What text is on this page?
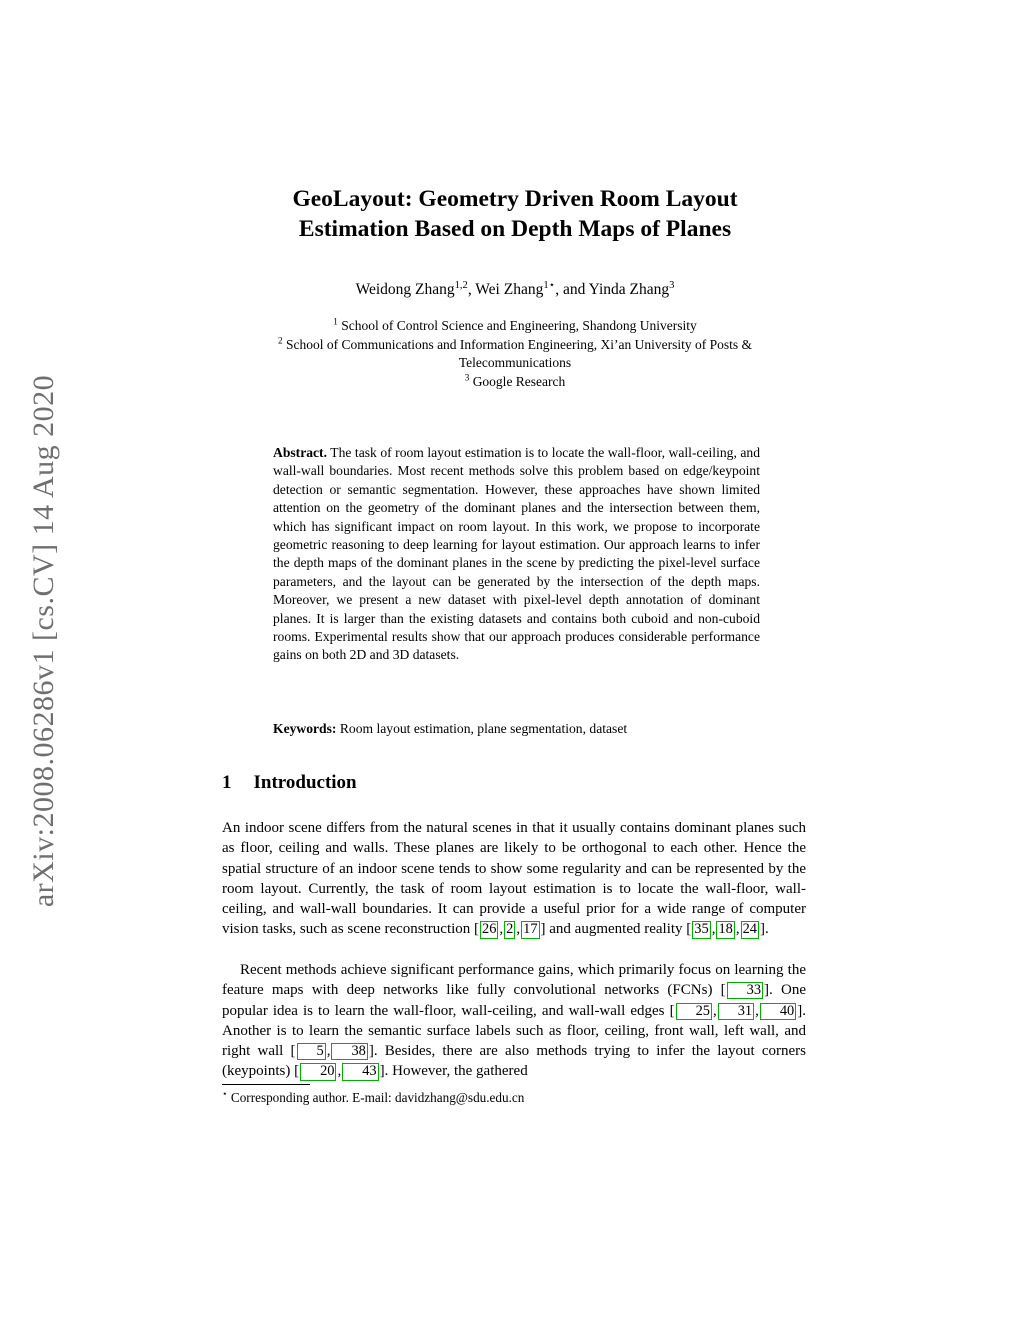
arXiv:2008.06286v1 [cs.CV] 14 Aug 2020
GeoLayout: Geometry Driven Room Layout
Estimation Based on Depth Maps of Planes
Weidong Zhang$^{1,2}$, Wei Zhang$^{1⋆}$, and Yinda Zhang$^3$
$^1$ School of Control Science and Engineering, Shandong University
$^2$ School of Communications and Information Engineering, Xi’an University of Posts & Telecommunications
$^3$ Google Research

Abstract. The task of room layout estimation is to locate the wall-floor, wall-ceiling, and wall-wall boundaries. Most recent methods solve this problem based on edge/keypoint detection or semantic segmentation. However, these approaches have shown limited attention on the geometry of the dominant planes and the intersection between them, which has significant impact on room layout. In this work, we propose to incorporate geometric reasoning to deep learning for layout estimation. Our approach learns to infer the depth maps of the dominant planes in the scene by predicting the pixel-level surface parameters, and the layout can be generated by the intersection of the depth maps. Moreover, we present a new dataset with pixel-level depth annotation of dominant planes. It is larger than the existing datasets and contains both cuboid and non-cuboid rooms. Experimental results show that our approach produces considerable performance gains on both 2D and 3D datasets.

Keywords: Room layout estimation, plane segmentation, dataset

1 Introduction

An indoor scene differs from the natural scenes in that it usually contains dominant planes such as floor, ceiling and walls. These planes are likely to be orthogonal to each other. Hence the spatial structure of an indoor scene tends to show some regularity and can be represented by the room layout. Currently, the task of room layout estimation is to locate the wall-floor, wall-ceiling, and wall-wall boundaries. It can provide a useful prior for a wide range of computer vision tasks, such as scene reconstruction [ 26 , 2 , 17 ] and augmented reality [ 35 , 18 , 24 ].

Recent methods achieve significant performance gains, which primarily focus on learning the feature maps with deep networks like fully convolutional networks (FCNs) [ 33 ]. One popular idea is to learn the wall-floor, wall-ceiling, and wall-wall edges [ 25 , 31 , 40 ]. Another is to learn the semantic surface labels such as floor, ceiling, front wall, left wall, and right wall [ 5 , 38 ]. Besides, there are also methods trying to infer the layout corners (keypoints) [ 20 , 43 ]. However, the gathered

⋆ Corresponding author. E-mail: davidzhang@sdu.edu.cn
